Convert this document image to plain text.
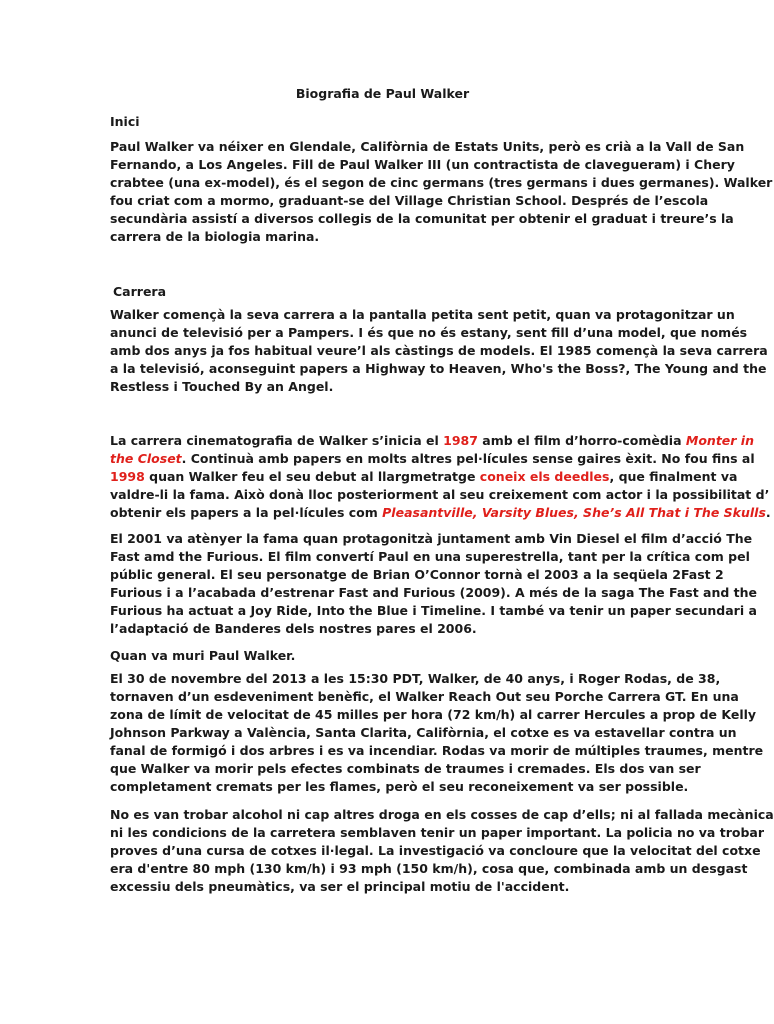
Biografia de Paul Walker
Inici

Paul Walker va néixer en Glendale, Califòrnia de Estats Units, però es crià a la Vall de San
Fernando, a Los Angeles. Fill de Paul Walker III (un contractista de clavegueram) i Chery
crabtee (una ex-model), és el segon de cinc germans (tres germans i dues germanes). Walker
fou criat com a mormo, graduant-se del Village Christian School. Després de l’escola
secundària assistí a diversos collegis de la comunitat per obtenir el graduat i treure’s la
carrera de la biologia marina.

Carrera

Walker començà la seva carrera a la pantalla petita sent petit, quan va protagonitzar un
anunci de televisió per a Pampers. I és que no és estany, sent fill d’una model, que només
amb dos anys ja fos habitual veure’l als càstings de models. El 1985 començà la seva carrera
a la televisió, aconseguint papers a Highway to Heaven, Who's the Boss?, The Young and the
Restless i Touched By an Angel.

La carrera cinematografia de Walker s’inicia el 1987 amb el film d’horro-comèdia Monter in
the Closet. Continuà amb papers en molts altres pel·lícules sense gaires èxit. No fou fins al
1998 quan Walker feu el seu debut al llargmetratge coneix els deedles, que finalment va
valdre-li la fama. Això donà lloc posteriorment al seu creixement com actor i la possibilitat d’
obtenir els papers a la pel·lícules com Pleasantville, Varsity Blues, She’s All That i The Skulls.

El 2001 va atènyer la fama quan protagonitzà juntament amb Vin Diesel el film d’acció The
Fast amd the Furious. El film convertí Paul en una superestrella, tant per la crítica com pel
públic general. El seu personatge de Brian O’Connor tornà el 2003 a la seqüela 2Fast 2
Furious i a l’acabada d’estrenar Fast and Furious (2009). A més de la saga The Fast and the
Furious ha actuat a Joy Ride, Into the Blue i Timeline. I també va tenir un paper secundari a
l’adaptació de Banderes dels nostres pares el 2006.

Quan va muri Paul Walker.

El 30 de novembre del 2013 a les 15:30 PDT, Walker, de 40 anys, i Roger Rodas, de 38,
tornaven d’un esdeveniment benèfic, el Walker Reach Out seu Porche Carrera GT. En una
zona de límit de velocitat de 45 milles per hora (72 km/h) al carrer Hercules a prop de Kelly
Johnson Parkway a València, Santa Clarita, Califòrnia, el cotxe es va estavellar contra un
fanal de formigó i dos arbres i es va incendiar. Rodas va morir de múltiples traumes, mentre
que Walker va morir pels efectes combinats de traumes i cremades. Els dos van ser
completament cremats per les flames, però el seu reconeixement va ser possible.

No es van trobar alcohol ni cap altres droga en els cosses de cap d’ells; ni al fallada mecànica
ni les condicions de la carretera semblaven tenir un paper important. La policia no va trobar
proves d’una cursa de cotxes il·legal. La investigació va concloure que la velocitat del cotxe
era d'entre 80 mph (130 km/h) i 93 mph (150 km/h), cosa que, combinada amb un desgast
excessiu dels pneumàtics, va ser el principal motiu de l'accident.
